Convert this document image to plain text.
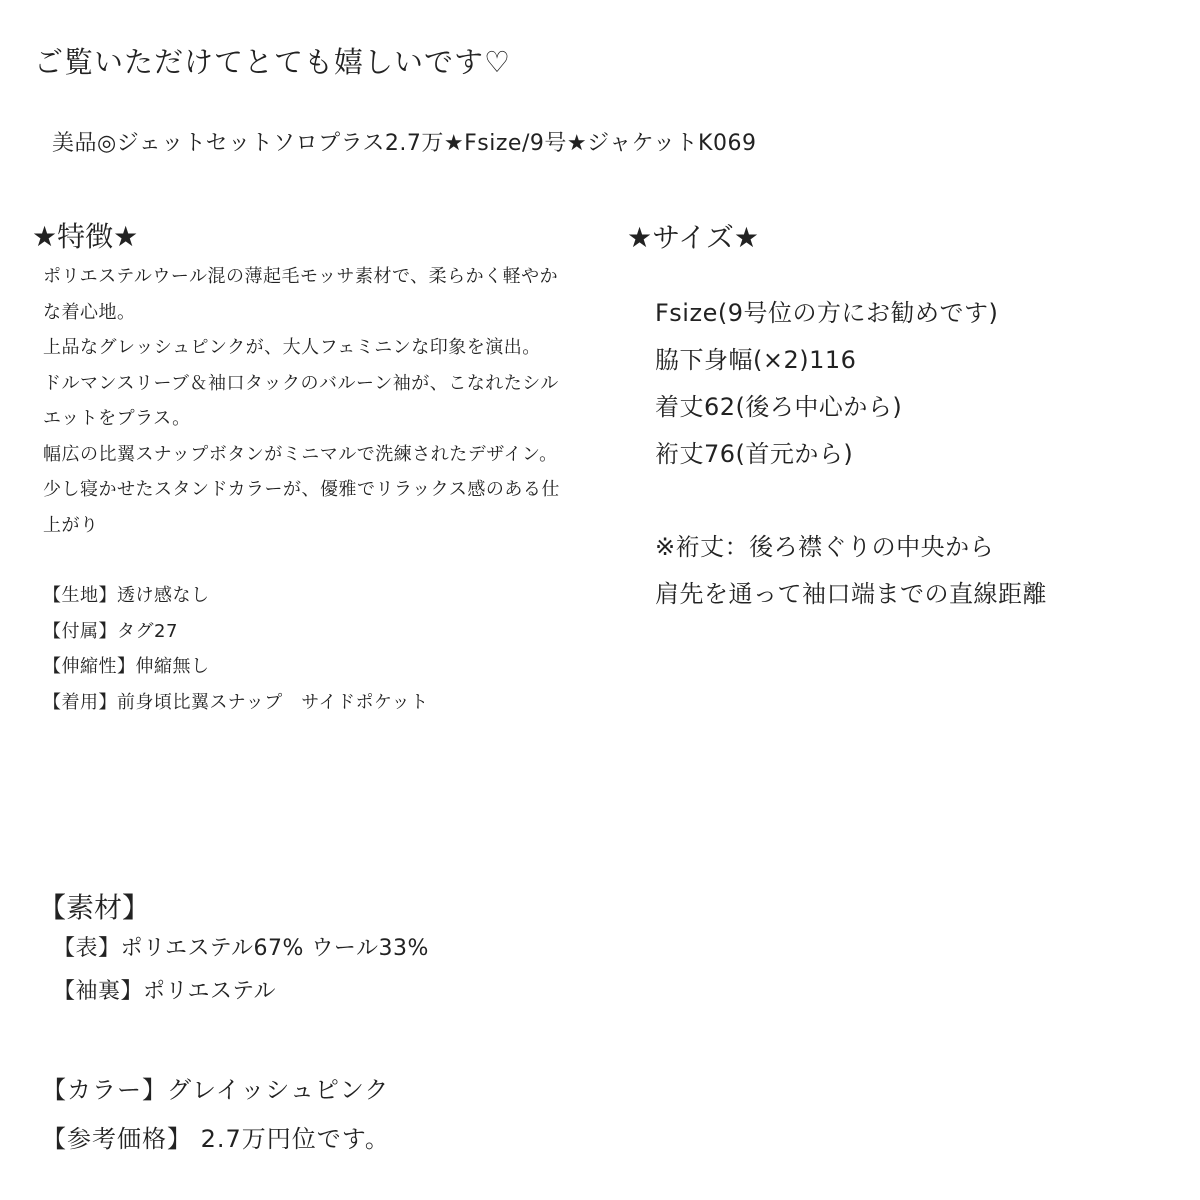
ご覧いただけてとても嬉しいです♡
美品◎ジェットセットソロプラス2.7万★Fsize/9号★ジャケットK069
★特徴★
ポリエステルウール混の薄起毛モッサ素材で、柔らかく軽やか
な着心地。
上品なグレッシュピンクが、大人フェミニンな印象を演出。
ドルマンスリーブ＆袖口タックのバルーン袖が、こなれたシル
エットをプラス。
幅広の比翼スナップボタンがミニマルで洗練されたデザイン。
少し寝かせたスタンドカラーが、優雅でリラックス感のある仕
上がり
【生地】透け感なし
【付属】タグ27
【伸縮性】伸縮無し
【着用】前身頃比翼スナップ　サイドポケット
★サイズ★
Fsize(9号位の方にお勧めです)
脇下身幅(×2)116
着丈62(後ろ中心から)
裄丈76(首元から)
※裄丈：後ろ襟ぐりの中央から
肩先を通って袖口端までの直線距離
【素材】
【表】ポリエステル67% ウール33%
【袖裏】ポリエステル
【カラー】グレイッシュピンク
【参考価格】 2.7万円位です。
